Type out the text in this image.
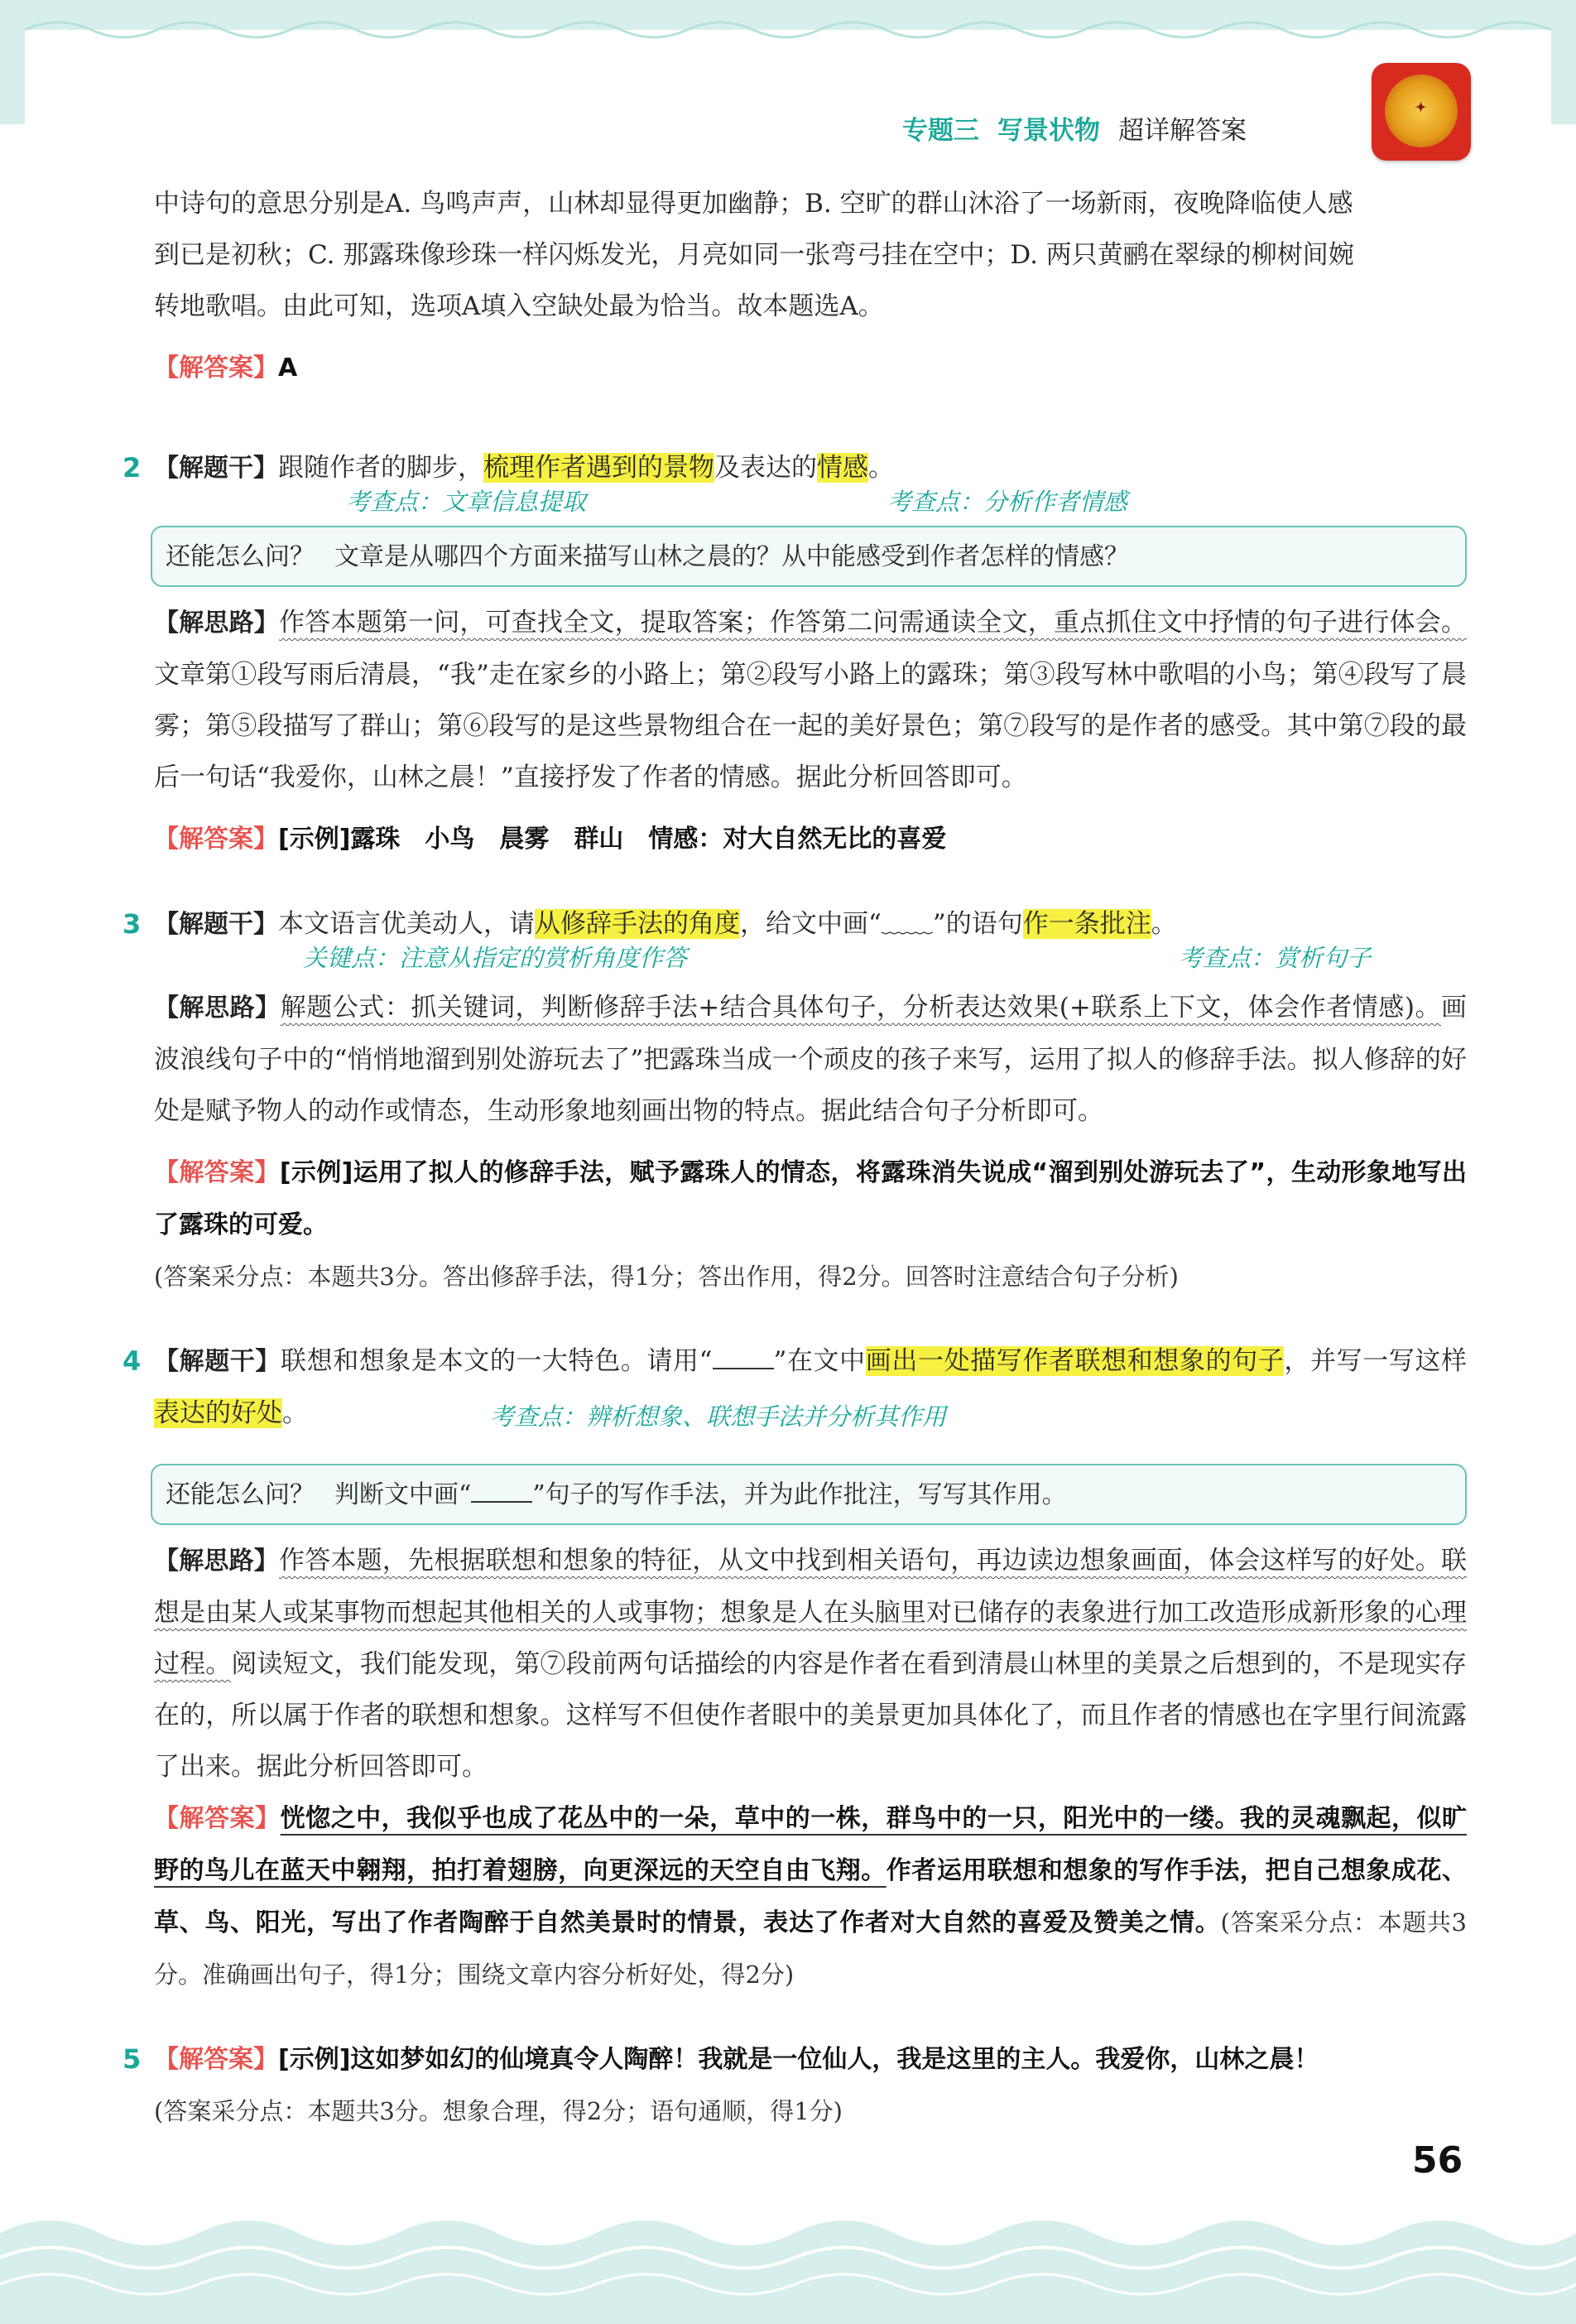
专题三 写景状物 超详解答案
✦

中诗句的意思分别是A. 鸟鸣声声，山林却显得更加幽静；B. 空旷的群山沐浴了一场新雨，夜晚降临使人感

到已是初秋；C. 那露珠像珍珠一样闪烁发光，月亮如同一张弯弓挂在空中；D. 两只黄鹂在翠绿的柳树间婉

转地歌唱。由此可知，选项A填入空缺处最为恰当。故本题选A。

【解答案】A

2 【解题干】跟随作者的脚步，梳理作者遇到的景物及表达的情感。

考查点：文章信息提取	考查点：分析作者情感
还能怎么问？ 文章是从哪四个方面来描写山林之晨的？从中能感受到作者怎样的情感？

【解思路】作答本题第一问，可查找全文，提取答案；作答第二问需通读全文，重点抓住文中抒情的句子进行体会。文章第①段写雨后清晨，“我”走在家乡的小路上；第②段写小路上的露珠；第③段写林中歌唱的小鸟；第④段写了晨雾；第⑤段描写了群山；第⑥段写的是这些景物组合在一起的美好景色；第⑦段写的是作者的感受。其中第⑦段的最后一句话“我爱你，山林之晨！”直接抒发了作者的情感。据此分析回答即可。

【解答案】[示例]露珠　小鸟　晨雾　群山　情感：对大自然无比的喜爱

3 【解题干】本文语言优美动人，请从修辞手法的角度，给文中画“﹏﹏”的语句作一条批注。

关键点：注意从指定的赏析角度作答	考查点：赏析句子

【解思路】解题公式：抓关键词，判断修辞手法+结合具体句子，分析表达效果(+联系上下文，体会作者情感)。画波浪线句子中的“悄悄地溜到别处游玩去了”把露珠当成一个顽皮的孩子来写，运用了拟人的修辞手法。拟人修辞的好处是赋予物人的动作或情态，生动形象地刻画出物的特点。据此结合句子分析即可。

【解答案】[示例]运用了拟人的修辞手法，赋予露珠人的情态，将露珠消失说成“溜到别处游玩去了”，生动形象地写出了露珠的可爱。

(答案采分点：本题共3分。答出修辞手法，得1分；答出作用，得2分。回答时注意结合句子分析)

4 【解题干】联想和想象是本文的一大特色。请用“ ”在文中画出一处描写作者联想和想象的句子，并写一写这样表达的好处。	考查点：辨析想象、联想手法并分析其作用
还能怎么问？ 判断文中画“ ”句子的写作手法，并为此作批注，写写其作用。

【解思路】作答本题，先根据联想和想象的特征，从文中找到相关语句，再边读边想象画面，体会这样写的好处。联想是由某人或某事物而想起其他相关的人或事物；想象是人在头脑里对已储存的表象进行加工改造形成新形象的心理过程。阅读短文，我们能发现，第⑦段前两句话描绘的内容是作者在看到清晨山林里的美景之后想到的，不是现实存在的，所以属于作者的联想和想象。这样写不但使作者眼中的美景更加具体化了，而且作者的情感也在字里行间流露了出来。据此分析回答即可。

【解答案】恍惚之中，我似乎也成了花丛中的一朵，草中的一株，群鸟中的一只，阳光中的一缕。我的灵魂飘起，似旷野的鸟儿在蓝天中翱翔，拍打着翅膀，向更深远的天空自由飞翔。作者运用联想和想象的写作手法，把自己想象成花、草、鸟、阳光，写出了作者陶醉于自然美景时的情景，表达了作者对大自然的喜爱及赞美之情。(答案采分点：本题共3分。准确画出句子，得1分；围绕文章内容分析好处，得2分)

5 【解答案】[示例]这如梦如幻的仙境真令人陶醉！我就是一位仙人，我是这里的主人。我爱你，山林之晨！

(答案采分点：本题共3分。想象合理，得2分；语句通顺，得1分)

56
